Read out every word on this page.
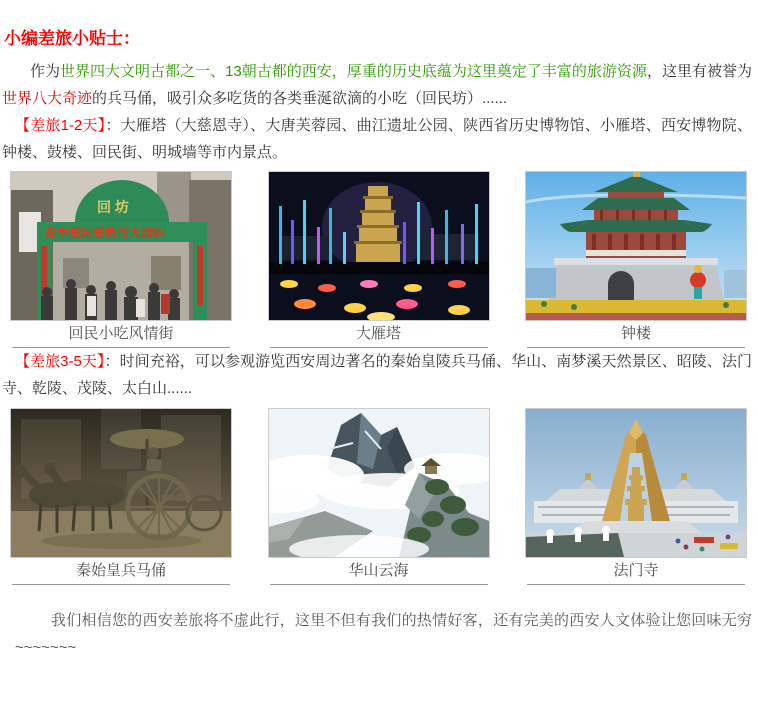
小编差旅小贴士：

作为世界四大文明古都之一、13朝古都的西安，厚重的历史底蕴为这里奠定了丰富的旅游资源，这里有被誉为世界八大奇迹的兵马俑，吸引众多吃货的各类垂涎欲滴的小吃（回民坊）......

【差旅1-2天】：大雁塔（大慈恩寺）、大唐芙蓉园、曲江遗址公园、陕西省历史博物馆、小雁塔、西安博物院、钟楼、鼓楼、回民街、明城墙等市内景点。

回 坊
高举爱国爱教伟大旗帜
回民小吃风情街	大雁塔	钟楼

【差旅3-5天】：时间充裕，可以参观游览西安周边著名的秦始皇陵兵马俑、华山、南梦溪天然景区、昭陵、法门寺、乾陵、茂陵、太白山......

秦始皇兵马俑	华山云海	法门寺

我们相信您的西安差旅将不虚此行，这里不但有我们的热情好客，还有完美的西安人文体验让您回味无穷~~~~~~~
